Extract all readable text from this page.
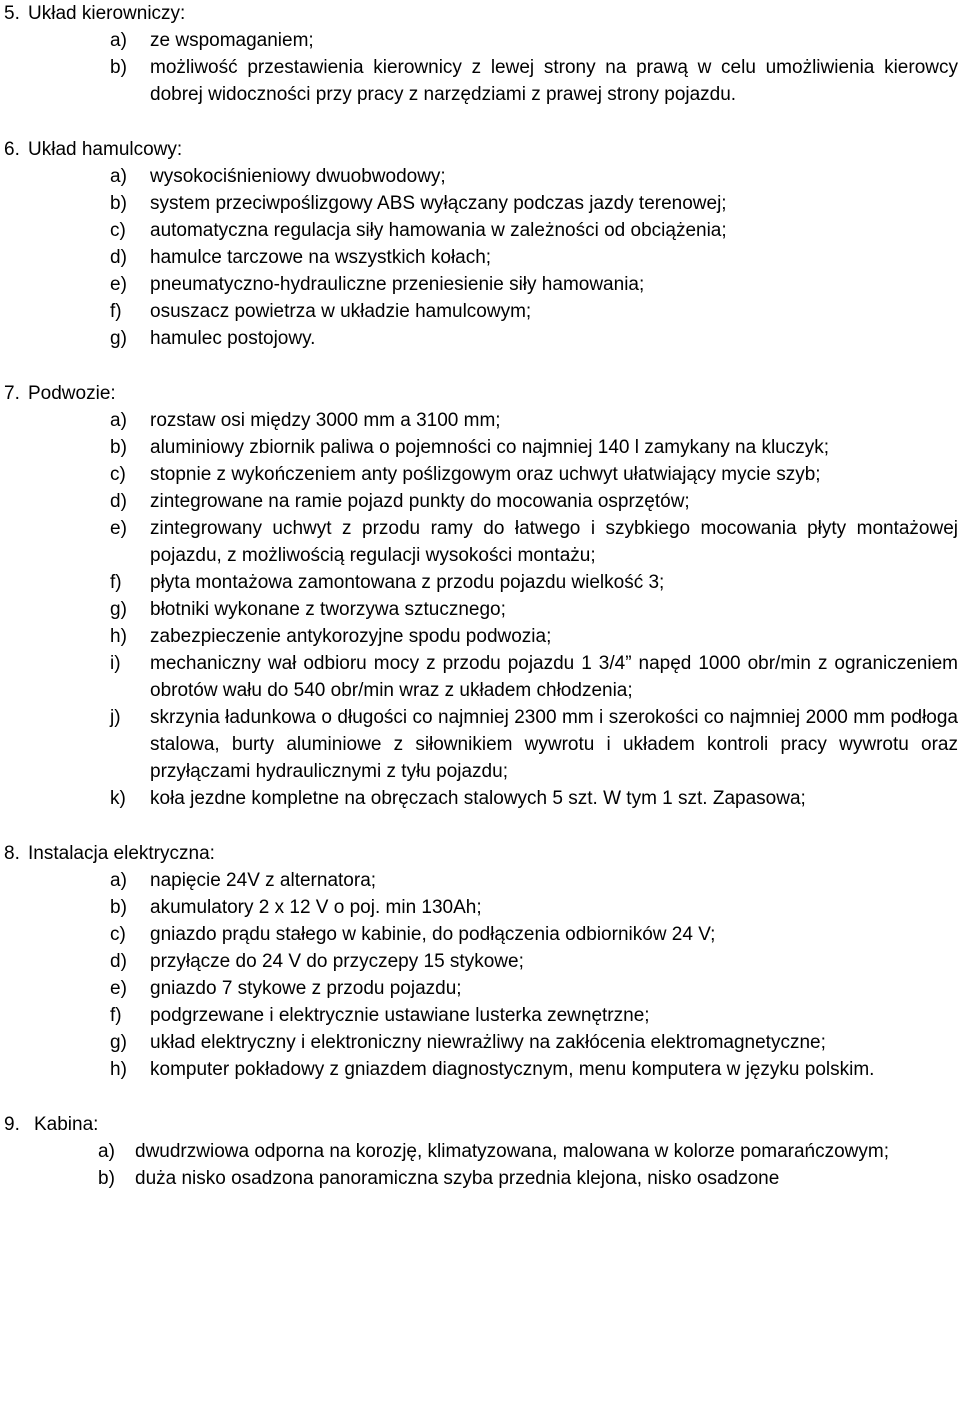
5. Układ kierowniczy:
a) ze wspomaganiem;
b) możliwość przestawienia kierownicy z lewej strony na prawą w celu umożliwienia kierowcy dobrej widoczności przy pracy z narzędziami z prawej strony pojazdu.
6. Układ hamulcowy:
a) wysokociśnieniowy dwuobwodowy;
b) system przeciwpoślizgowy ABS wyłączany podczas jazdy terenowej;
c) automatyczna regulacja siły hamowania w zależności od obciążenia;
d) hamulce tarczowe na wszystkich kołach;
e) pneumatyczno-hydrauliczne przeniesienie siły hamowania;
f) osuszacz powietrza w układzie hamulcowym;
g) hamulec postojowy.
7. Podwozie:
a) rozstaw osi między 3000 mm a 3100 mm;
b) aluminiowy zbiornik paliwa o pojemności co najmniej 140 l zamykany na kluczyk;
c) stopnie z wykończeniem anty poślizgowym oraz uchwyt ułatwiający mycie szyb;
d) zintegrowane na ramie pojazd punkty do mocowania osprzętów;
e) zintegrowany uchwyt z przodu ramy do łatwego i szybkiego mocowania płyty montażowej pojazdu, z możliwością regulacji wysokości montażu;
f) płyta montażowa zamontowana z przodu pojazdu wielkość 3;
g) błotniki wykonane z tworzywa sztucznego;
h) zabezpieczenie antykorozyjne spodu podwozia;
i) mechaniczny wał odbioru mocy z przodu pojazdu 1 3/4” napęd 1000 obr/min z ograniczeniem obrotów wału do 540 obr/min wraz z układem chłodzenia;
j) skrzynia ładunkowa o długości co najmniej 2300 mm i szerokości co najmniej 2000 mm podłoga stalowa, burty aluminiowe z siłownikiem wywrotu i układem kontroli pracy wywrotu oraz przyłączami hydraulicznymi z tyłu pojazdu;
k) koła jezdne kompletne na obręczach stalowych 5 szt. W tym 1 szt. Zapasowa;
8. Instalacja elektryczna:
a) napięcie 24V z alternatora;
b) akumulatory 2 x 12 V o poj. min 130Ah;
c) gniazdo prądu stałego w kabinie, do podłączenia odbiorników 24 V;
d) przyłącze do 24 V do przyczepy 15 stykowe;
e) gniazdo 7 stykowe z przodu pojazdu;
f) podgrzewane i elektrycznie ustawiane lusterka zewnętrzne;
g) układ elektryczny i elektroniczny niewrażliwy na zakłócenia elektromagnetyczne;
h) komputer pokładowy z gniazdem diagnostycznym, menu komputera w języku polskim.
9. Kabina:
a) dwudrzwiowa odporna na korozję, klimatyzowana, malowana w kolorze pomarańczowym;
b) duża nisko osadzona panoramiczna szyba przednia klejona, nisko osadzone
